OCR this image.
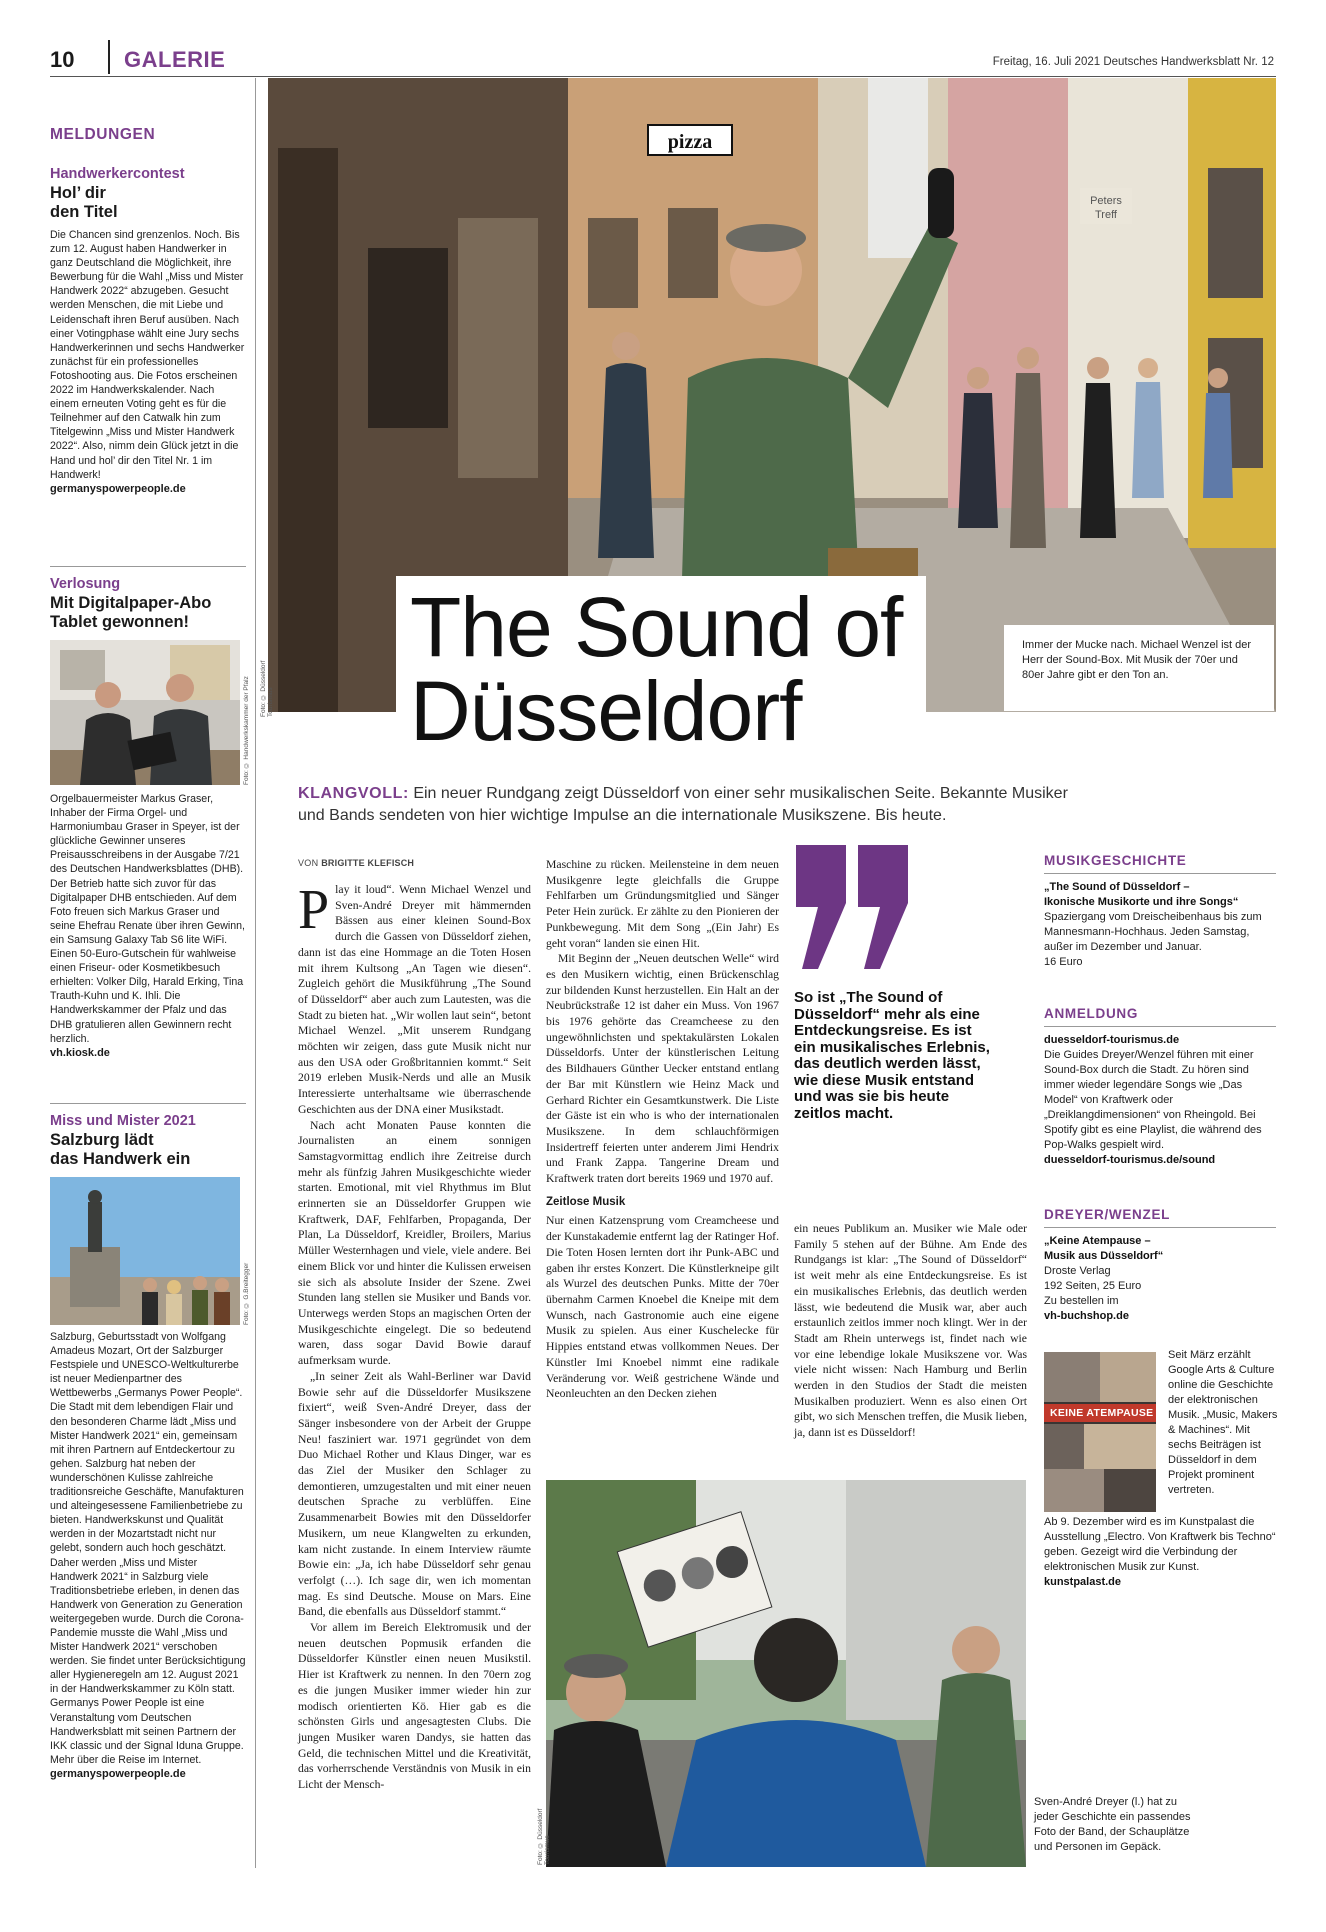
10 GALERIE	Freitag, 16. Juli 2021 Deutsches Handwerksblatt Nr. 12
MELDUNGEN
Handwerkercontest
Hol’ dir
den Titel
Die Chancen sind grenzenlos. Noch. Bis zum 12. August haben Handwerker in ganz Deutschland die Möglichkeit, ihre Bewerbung für die Wahl „Miss und Mister Handwerk 2022“ abzugeben. Gesucht werden Menschen, die mit Liebe und Leidenschaft ihren Beruf ausüben. Nach einer Votingphase wählt eine Jury sechs Handwerkerinnen und sechs Handwerker zunächst für ein professionelles Fotoshooting aus. Die Fotos erscheinen 2022 im Handwerkskalender. Nach einem erneuten Voting geht es für die Teilnehmer auf den Catwalk hin zum Titelgewinn „Miss und Mister Handwerk 2022“. Also, nimm dein Glück jetzt in die Hand und hol’ dir den Titel Nr. 1 im Handwerk!
germanyspowerpeople.de
Verlosung
Mit Digitalpaper-Abo
Tablet gewonnen!
Foto: © Handwerkskammer der Pfalz
Orgelbauermeister Markus Graser, Inhaber der Firma Orgel- und Harmoniumbau Graser in Speyer, ist der glückliche Gewinner unseres Preisausschreibens in der Ausgabe 7/21 des Deutschen Handwerksblattes (DHB). Der Betrieb hatte sich zuvor für das Digitalpaper DHB entschieden. Auf dem Foto freuen sich Markus Graser und seine Ehefrau Renate über ihren Gewinn, ein Samsung Galaxy Tab S6 lite WiFi. Einen 50-Euro-Gutschein für wahlweise einen Friseur- oder Kosmetikbesuch erhielten: Volker Dilg, Harald Erking, Tina Trauth-Kuhn und K. Ihli. Die Handwerkskammer der Pfalz und das DHB gratulieren allen Gewinnern recht herzlich.
vh.kiosk.de
Miss und Mister 2021
Salzburg lädt
das Handwerk ein
Foto: © G.Breitegger
Salzburg, Geburtsstadt von Wolfgang Amadeus Mozart, Ort der Salzburger Festspiele und UNESCO-Weltkulturerbe ist neuer Medienpartner des Wettbewerbs „Germanys Power People“. Die Stadt mit dem lebendigen Flair und den besonderen Charme lädt „Miss und Mister Handwerk 2021“ ein, gemeinsam mit ihren Partnern auf Entdeckertour zu gehen. Salzburg hat neben der wunderschönen Kulisse zahlreiche traditionsreiche Geschäfte, Manufakturen und alteingesessene Familienbetriebe zu bieten. Handwerkskunst und Qualität werden in der Mozartstadt nicht nur gelebt, sondern auch hoch geschätzt. Daher werden „Miss und Mister Handwerk 2021“ in Salzburg viele Traditionsbetriebe erleben, in denen das Handwerk von Generation zu Generation weitergegeben wurde. Durch die Corona-Pandemie musste die Wahl „Miss und Mister Handwerk 2021“ verschoben werden. Sie findet unter Berücksichtigung aller Hygieneregeln am 12. August 2021 in der Handwerkskammer zu Köln statt. Germanys Power People ist eine Veranstaltung vom Deutschen Handwerksblatt mit seinen Partnern der IKK classic und der Signal Iduna Gruppe. Mehr über die Reise im Internet.
germanyspowerpeople.de
pizza
Peters
Treff
Foto: © Düsseldorf Tourismus
The Sound of
Düsseldorf
Immer der Mucke nach. Michael Wenzel ist der Herr der Sound-Box. Mit Musik der 70er und 80er Jahre gibt er den Ton an.
KLANGVOLL: Ein neuer Rundgang zeigt Düsseldorf von einer sehr musikalischen Seite. Bekannte Musiker und Bands sendeten von hier wichtige Impulse an die internationale Musikszene. Bis heute.
VON BRIGITTE KLEFISCH
Play it loud“. Wenn Michael Wenzel und Sven-André Dreyer mit hämmernden Bässen aus einer kleinen Sound-Box durch die Gassen von Düsseldorf ziehen, dann ist das eine Hommage an die Toten Hosen mit ihrem Kultsong „An Tagen wie diesen“. Zugleich gehört die Musikführung „The Sound of Düsseldorf“ aber auch zum Lautesten, was die Stadt zu bieten hat. „Wir wollen laut sein“, betont Michael Wenzel. „Mit unserem Rundgang möchten wir zeigen, dass gute Musik nicht nur aus den USA oder Großbritannien kommt.“ Seit 2019 erleben Musik-Nerds und alle an Musik Interessierte unterhaltsame wie überraschende Geschichten aus der DNA einer Musikstadt.

Nach acht Monaten Pause konnten die Journalisten an einem sonnigen Samstagvormittag endlich ihre Zeitreise durch mehr als fünfzig Jahren Musikgeschichte wieder starten. Emotional, mit viel Rhythmus im Blut erinnerten sie an Düsseldorfer Gruppen wie Kraftwerk, DAF, Fehlfarben, Propaganda, Der Plan, La Düsseldorf, Kreidler, Broilers, Marius Müller Westernhagen und viele, viele andere. Bei einem Blick vor und hinter die Kulissen erweisen sie sich als absolute Insider der Szene. Zwei Stunden lang stellen sie Musiker und Bands vor. Unterwegs werden Stops an magischen Orten der Musikgeschichte eingelegt. Die so bedeutend waren, dass sogar David Bowie darauf aufmerksam wurde.

„In seiner Zeit als Wahl-Berliner war David Bowie sehr auf die Düsseldorfer Musikszene fixiert“, weiß Sven-André Dreyer, dass der Sänger insbesondere von der Arbeit der Gruppe Neu! fasziniert war. 1971 gegründet von dem Duo Michael Rother und Klaus Dinger, war es das Ziel der Musiker den Schlager zu demontieren, umzugestalten und mit einer neuen deutschen Sprache zu verblüffen. Eine Zusammenarbeit Bowies mit den Düsseldorfer Musikern, um neue Klangwelten zu erkunden, kam nicht zustande. In einem Interview räumte Bowie ein: „Ja, ich habe Düsseldorf sehr genau verfolgt (…). Ich sage dir, wen ich momentan mag. Es sind Deutsche. Mouse on Mars. Eine Band, die ebenfalls aus Düsseldorf stammt.“

Vor allem im Bereich Elektromusik und der neuen deutschen Popmusik erfanden die Düsseldorfer Künstler einen neuen Musikstil. Hier ist Kraftwerk zu nennen. In den 70ern zog es die jungen Musiker immer wieder hin zur modisch orientierten Kö. Hier gab es die schönsten Girls und angesagtesten Clubs. Die jungen Musiker waren Dandys, sie hatten das Geld, die technischen Mittel und die Kreativität, das vorherrschende Verständnis von Musik in ein Licht der Mensch-

Maschine zu rücken. Meilensteine in dem neuen Musikgenre legte gleichfalls die Gruppe Fehlfarben um Gründungsmitglied und Sänger Peter Hein zurück. Er zählte zu den Pionieren der Punkbewegung. Mit dem Song „(Ein Jahr) Es geht voran“ landen sie einen Hit.

Mit Beginn der „Neuen deutschen Welle“ wird es den Musikern wichtig, einen Brückenschlag zur bildenden Kunst herzustellen. Ein Halt an der Neubrückstraße 12 ist daher ein Muss. Von 1967 bis 1976 gehörte das Creamcheese zu den ungewöhnlichsten und spektakulärsten Lokalen Düsseldorfs. Unter der künstlerischen Leitung des Bildhauers Günther Uecker entstand entlang der Bar mit Künstlern wie Heinz Mack und Gerhard Richter ein Gesamtkunstwerk. Die Liste der Gäste ist ein who is who der internationalen Musikszene. In dem schlauchförmigen Insidertreff feierten unter anderem Jimi Hendrix und Frank Zappa. Tangerine Dream und Kraftwerk traten dort bereits 1969 und 1970 auf.

Zeitlose Musik

Nur einen Katzensprung vom Creamcheese und der Kunstakademie entfernt lag der Ratinger Hof. Die Toten Hosen lernten dort ihr Punk-ABC und gaben ihr erstes Konzert. Die Künstlerkneipe gilt als Wurzel des deutschen Punks. Mitte der 70er übernahm Carmen Knoebel die Kneipe mit dem Wunsch, nach Gastronomie auch eine eigene Musik zu spielen. Aus einer Kuschelecke für Hippies entstand etwas vollkommen Neues. Der Künstler Imi Knoebel nimmt eine radikale Veränderung vor. Weiß gestrichene Wände und Neonleuchten an den Decken ziehen

So ist „The Sound of Düsseldorf“ mehr als eine Entdeckungsreise. Es ist ein musikalisches Erlebnis, das deutlich werden lässt, wie diese Musik entstand und was sie bis heute zeitlos macht.

ein neues Publikum an. Musiker wie Male oder Family 5 stehen auf der Bühne. Am Ende des Rundgangs ist klar: „The Sound of Düsseldorf“ ist weit mehr als eine Entdeckungsreise. Es ist ein musikalisches Erlebnis, das deutlich werden lässt, wie bedeutend die Musik war, aber auch erstaunlich zeitlos immer noch klingt. Wer in der Stadt am Rhein unterwegs ist, findet nach wie vor eine lebendige lokale Musikszene vor. Was viele nicht wissen: Nach Hamburg und Berlin werden in den Studios der Stadt die meisten Musikalben produziert. Wenn es also einen Ort gibt, wo sich Menschen treffen, die Musik lieben, ja, dann ist es Düsseldorf!

Foto: © Düsseldorf Tourismus
Sven-André Dreyer (l.) hat zu jeder Geschichte ein passendes Foto der Band, der Schauplätze und Personen im Gepäck.
MUSIKGESCHICHTE
„The Sound of Düsseldorf –
Ikonische Musikorte und ihre Songs“
Spaziergang vom Dreischeibenhaus bis zum Mannesmann-Hochhaus. Jeden Samstag, außer im Dezember und Januar.
16 Euro
ANMELDUNG
duesseldorf-tourismus.de
Die Guides Dreyer/Wenzel führen mit einer Sound-Box durch die Stadt. Zu hören sind immer wieder legendäre Songs wie „Das Model“ von Kraftwerk oder „Dreiklangdimensionen“ von Rheingold. Bei Spotify gibt es eine Playlist, die während des Pop-Walks gespielt wird.
duesseldorf-tourismus.de/sound
DREYER/WENZEL
„Keine Atempause –
Musik aus Düsseldorf“
Droste Verlag
192 Seiten, 25 Euro
Zu bestellen im
vh-buchshop.de
KEINE ATEMPAUSE
Seit März erzählt Google Arts & Culture online die Geschichte der elektronischen Musik. „Music, Makers & Machines“. Mit sechs Beiträgen ist Düsseldorf in dem Projekt prominent vertreten.
Ab 9. Dezember wird es im Kunstpalast die Ausstellung „Electro. Von Kraftwerk bis Techno“ geben. Gezeigt wird die Verbindung der elektronischen Musik zur Kunst.
kunstpalast.de
